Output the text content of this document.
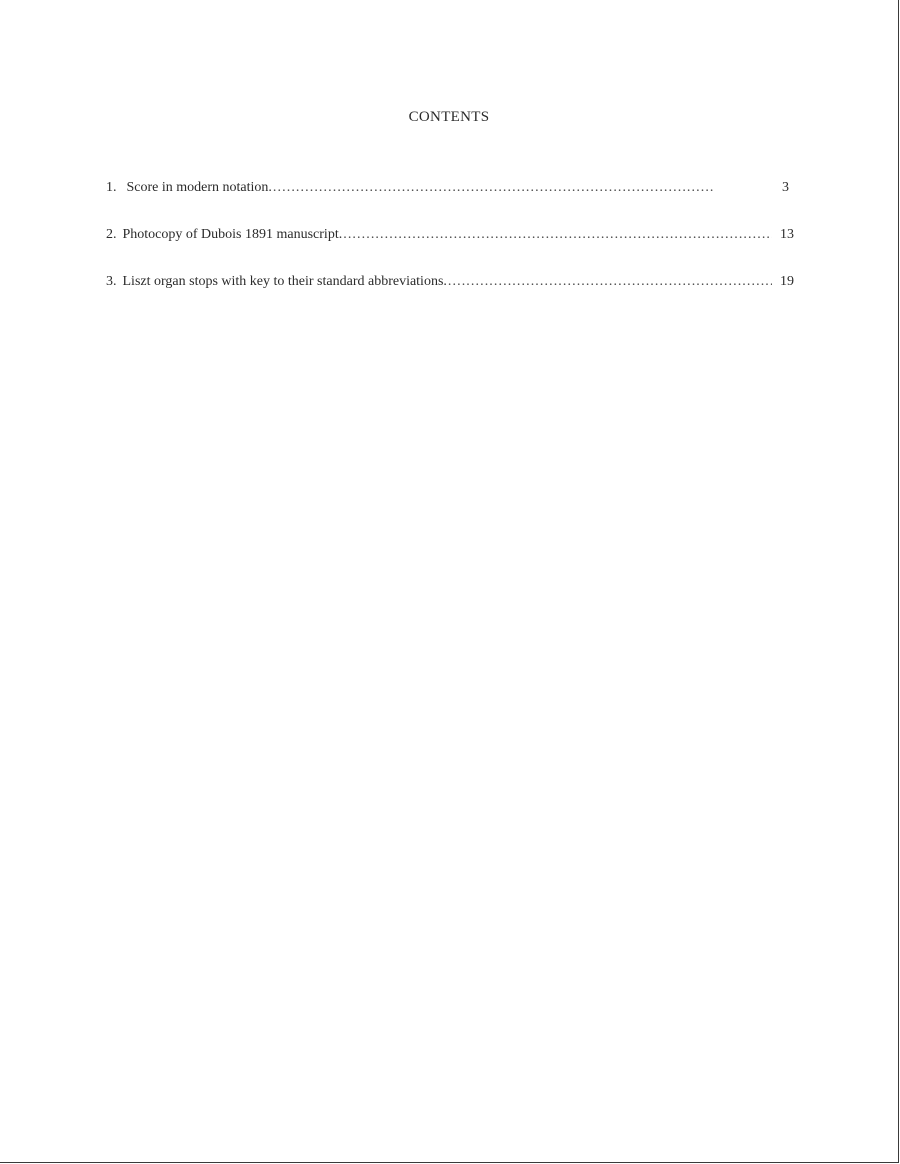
CONTENTS
1. Score in modern notation. . . .	3
2. Photocopy of Dubois 1891 manuscript. . . .	13
3. Liszt organ stops with key to their standard abbreviations. . . .	19
